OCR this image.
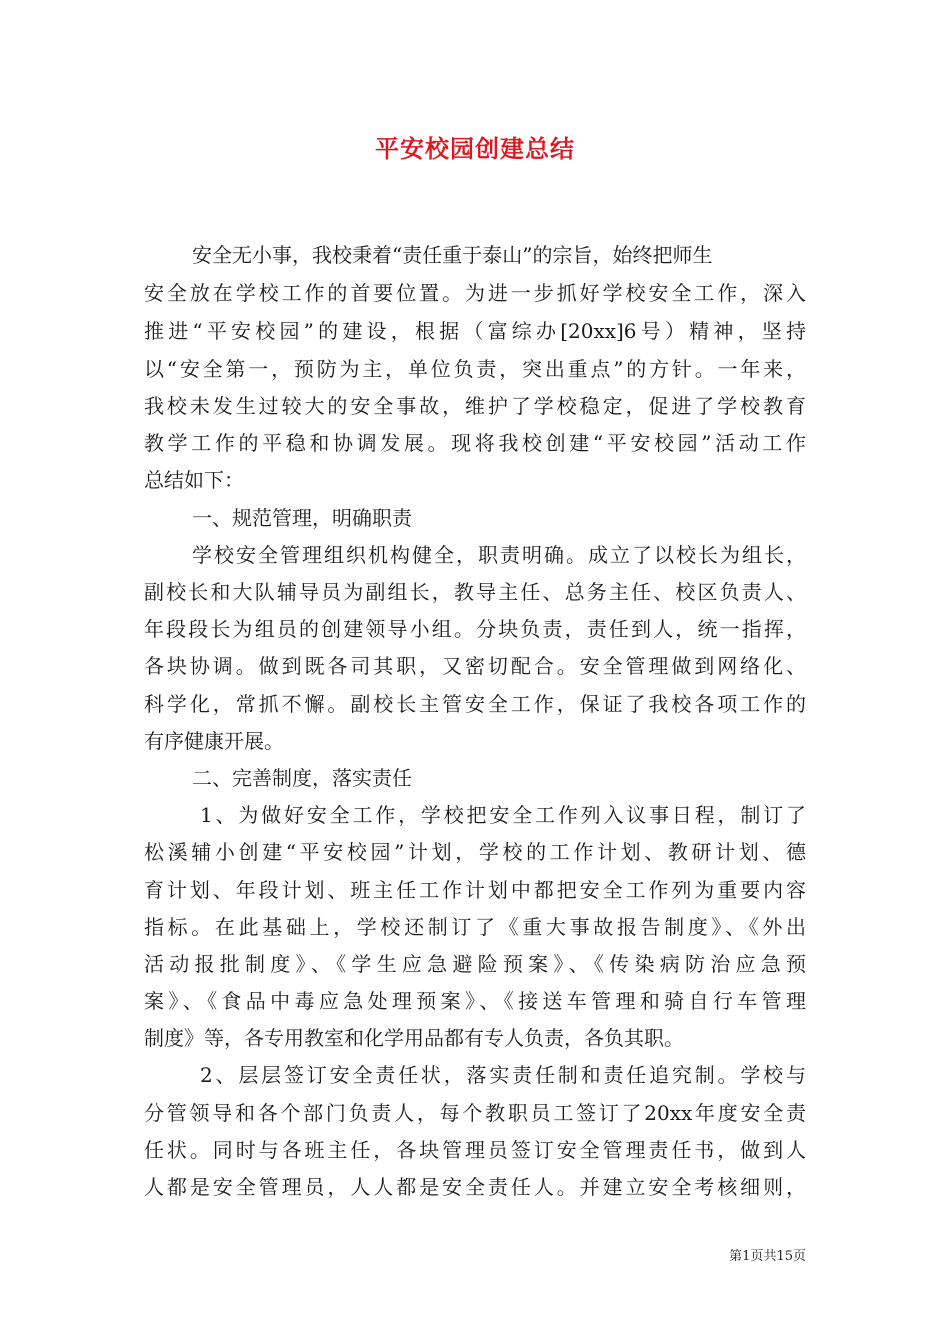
平安校园创建总结
安全无小事，我校秉着“责任重于泰山”的宗旨，始终把师生
安全放在学校工作的首要位置。为进一步抓好学校安全工作，深入
推进“平安校园”的建设，根据（富综办[20xx]6号）精神，坚持
以“安全第一，预防为主，单位负责，突出重点”的方针。一年来，
我校未发生过较大的安全事故，维护了学校稳定，促进了学校教育
教学工作的平稳和协调发展。现将我校创建“平安校园”活动工作
总结如下：
一、规范管理，明确职责
学校安全管理组织机构健全，职责明确。成立了以校长为组长，
副校长和大队辅导员为副组长，教导主任、总务主任、校区负责人、
年段段长为组员的创建领导小组。分块负责，责任到人，统一指挥，
各块协调。做到既各司其职，又密切配合。安全管理做到网络化、
科学化，常抓不懈。副校长主管安全工作，保证了我校各项工作的
有序健康开展。
二、完善制度，落实责任
1、为做好安全工作，学校把安全工作列入议事日程，制订了
松溪辅小创建“平安校园”计划，学校的工作计划、教研计划、德
育计划、年段计划、班主任工作计划中都把安全工作列为重要内容
指标。在此基础上，学校还制订了《重大事故报告制度》、《外出
活动报批制度》、《学生应急避险预案》、《传染病防治应急预
案》、《食品中毒应急处理预案》、《接送车管理和骑自行车管理
制度》等，各专用教室和化学用品都有专人负责，各负其职。
2、层层签订安全责任状，落实责任制和责任追究制。学校与
分管领导和各个部门负责人，每个教职员工签订了20xx年度安全责
任状。同时与各班主任，各块管理员签订安全管理责任书，做到人
人都是安全管理员，人人都是安全责任人。并建立安全考核细则，
第1页共15页
